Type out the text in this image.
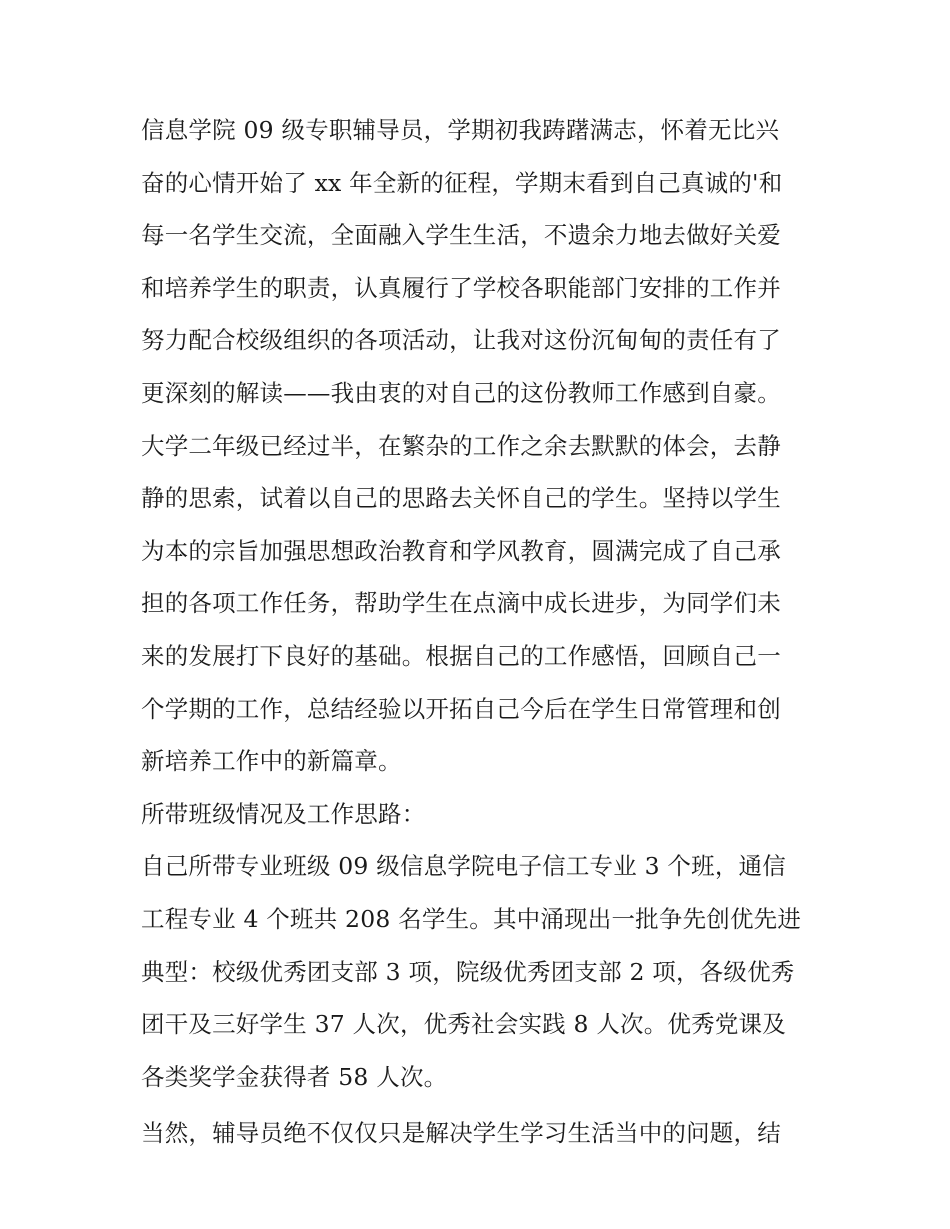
信息学院 09 级专职辅导员，学期初我踌躇满志，怀着无比兴
奋的心情开始了 xx 年全新的征程，学期末看到自己真诚的'和
每一名学生交流，全面融入学生生活，不遗余力地去做好关爱
和培养学生的职责，认真履行了学校各职能部门安排的工作并
努力配合校级组织的各项活动，让我对这份沉甸甸的责任有了
更深刻的解读——我由衷的对自己的这份教师工作感到自豪。
大学二年级已经过半，在繁杂的工作之余去默默的体会，去静
静的思索，试着以自己的思路去关怀自己的学生。坚持以学生
为本的宗旨加强思想政治教育和学风教育，圆满完成了自己承
担的各项工作任务，帮助学生在点滴中成长进步，为同学们未
来的发展打下良好的基础。根据自己的工作感悟，回顾自己一
个学期的工作，总结经验以开拓自己今后在学生日常管理和创
新培养工作中的新篇章。
所带班级情况及工作思路：
自己所带专业班级 09 级信息学院电子信工专业 3 个班，通信
工程专业 4 个班共 208 名学生。其中涌现出一批争先创优先进
典型：校级优秀团支部 3 项，院级优秀团支部 2 项，各级优秀
团干及三好学生 37 人次，优秀社会实践 8 人次。优秀党课及
各类奖学金获得者 58 人次。
当然，辅导员绝不仅仅只是解决学生学习生活当中的问题，结
